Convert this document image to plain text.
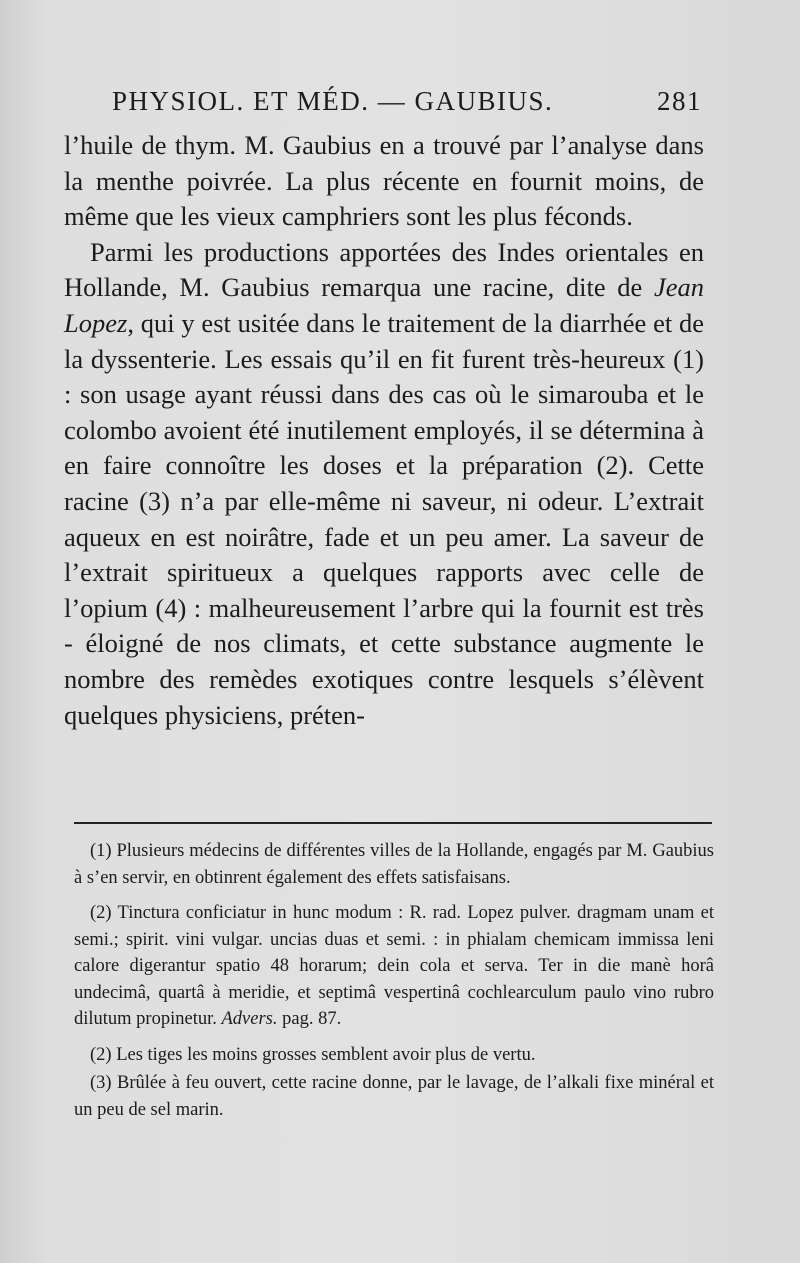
PHYSIOL. ET MÉD. — GAUBIUS.	281

l’huile de thym. M. Gaubius en a trouvé par l’analyse dans la menthe poivrée. La plus récente en fournit moins, de même que les vieux camphriers sont les plus féconds.

Parmi les productions apportées des Indes orientales en Hollande, M. Gaubius remarqua une racine, dite de Jean Lopez, qui y est usitée dans le traitement de la diarrhée et de la dyssenterie. Les essais qu’il en fit furent très-heureux (1) : son usage ayant réussi dans des cas où le simarouba et le colombo avoient été inutilement employés, il se détermina à en faire connoître les doses et la préparation (2). Cette racine (3) n’a par elle-même ni saveur, ni odeur. L’extrait aqueux en est noirâtre, fade et un peu amer. La saveur de l’extrait spiritueux a quelques rapports avec celle de l’opium (4) : malheureusement l’arbre qui la fournit est très - éloigné de nos climats, et cette substance augmente le nombre des remèdes exotiques contre lesquels s’élèvent quelques physiciens, préten-

(1) Plusieurs médecins de différentes villes de la Hollande, engagés par M. Gaubius à s’en servir, en obtinrent également des effets satisfaisans.

(2) Tinctura conficiatur in hunc modum : R. rad. Lopez pulver. dragmam unam et semi.; spirit. vini vulgar. uncias duas et semi. : in phialam chemicam immissa leni calore digerantur spatio 48 horarum; dein cola et serva. Ter in die manè horâ undecimâ, quartâ à meridie, et septimâ vespertinâ cochlearculum paulo vino rubro dilutum propinetur. Advers. pag. 87.

(2) Les tiges les moins grosses semblent avoir plus de vertu.

(3) Brûlée à feu ouvert, cette racine donne, par le lavage, de l’alkali fixe minéral et un peu de sel marin.
